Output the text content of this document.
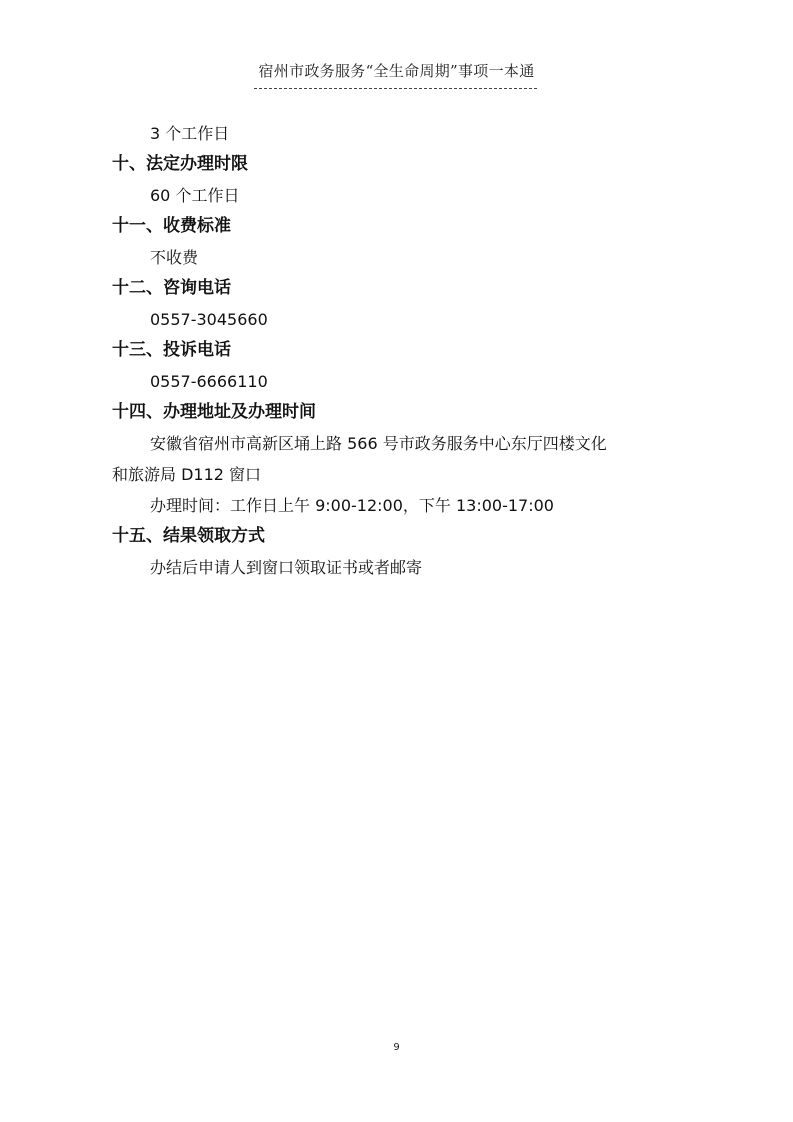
宿州市政务服务“全生命周期”事项一本通
3 个工作日
十、法定办理时限
60 个工作日
十一、收费标准
不收费
十二、咨询电话
0557-3045660
十三、投诉电话
0557-6666110
十四、办理地址及办理时间
安徽省宿州市高新区埇上路 566 号市政务服务中心东厅四楼文化
和旅游局 D112 窗口
办理时间：工作日上午 9:00-12:00，下午 13:00-17:00
十五、结果领取方式
办结后申请人到窗口领取证书或者邮寄
9
